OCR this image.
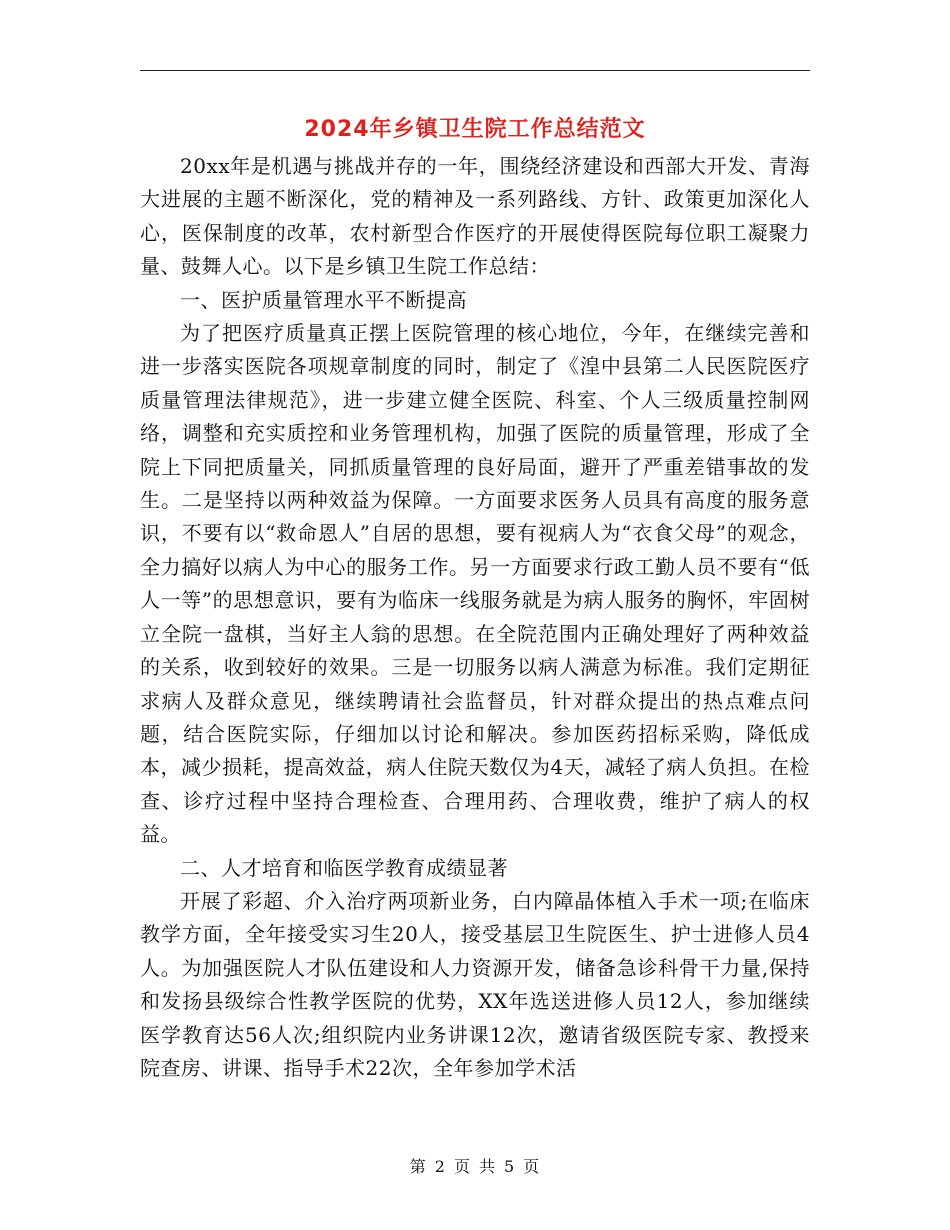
2024年乡镇卫生院工作总结范文

20xx年是机遇与挑战并存的一年，围绕经济建设和西部大开发、青海大进展的主题不断深化，党的精神及一系列路线、方针、政策更加深化人心，医保制度的改革，农村新型合作医疗的开展使得医院每位职工凝聚力量、鼓舞人心。以下是乡镇卫生院工作总结：

一、医护质量管理水平不断提高

为了把医疗质量真正摆上医院管理的核心地位，今年，在继续完善和进一步落实医院各项规章制度的同时，制定了《湟中县第二人民医院医疗质量管理法律规范》，进一步建立健全医院、科室、个人三级质量控制网络，调整和充实质控和业务管理机构，加强了医院的质量管理，形成了全院上下同把质量关，同抓质量管理的良好局面，避开了严重差错事故的发生。二是坚持以两种效益为保障。一方面要求医务人员具有高度的服务意识，不要有以“救命恩人”自居的思想，要有视病人为“衣食父母”的观念，全力搞好以病人为中心的服务工作。另一方面要求行政工勤人员不要有“低人一等”的思想意识，要有为临床一线服务就是为病人服务的胸怀，牢固树立全院一盘棋，当好主人翁的思想。在全院范围内正确处理好了两种效益的关系，收到较好的效果。三是一切服务以病人满意为标准。我们定期征求病人及群众意见，继续聘请社会监督员，针对群众提出的热点难点问题，结合医院实际，仔细加以讨论和解决。参加医药招标采购，降低成本，减少损耗，提高效益，病人住院天数仅为4天，减轻了病人负担。在检查、诊疗过程中坚持合理检查、合理用药、合理收费，维护了病人的权益。

二、人才培育和临医学教育成绩显著

开展了彩超、介入治疗两项新业务，白内障晶体植入手术一项;在临床教学方面，全年接受实习生20人，接受基层卫生院医生、护士进修人员4人。为加强医院人才队伍建设和人力资源开发，储备急诊科骨干力量,保持和发扬县级综合性教学医院的优势，XX年选送进修人员12人，参加继续医学教育达56人次;组织院内业务讲课12次，邀请省级医院专家、教授来院查房、讲课、指导手术22次，全年参加学术活

第 2 页 共 5 页
